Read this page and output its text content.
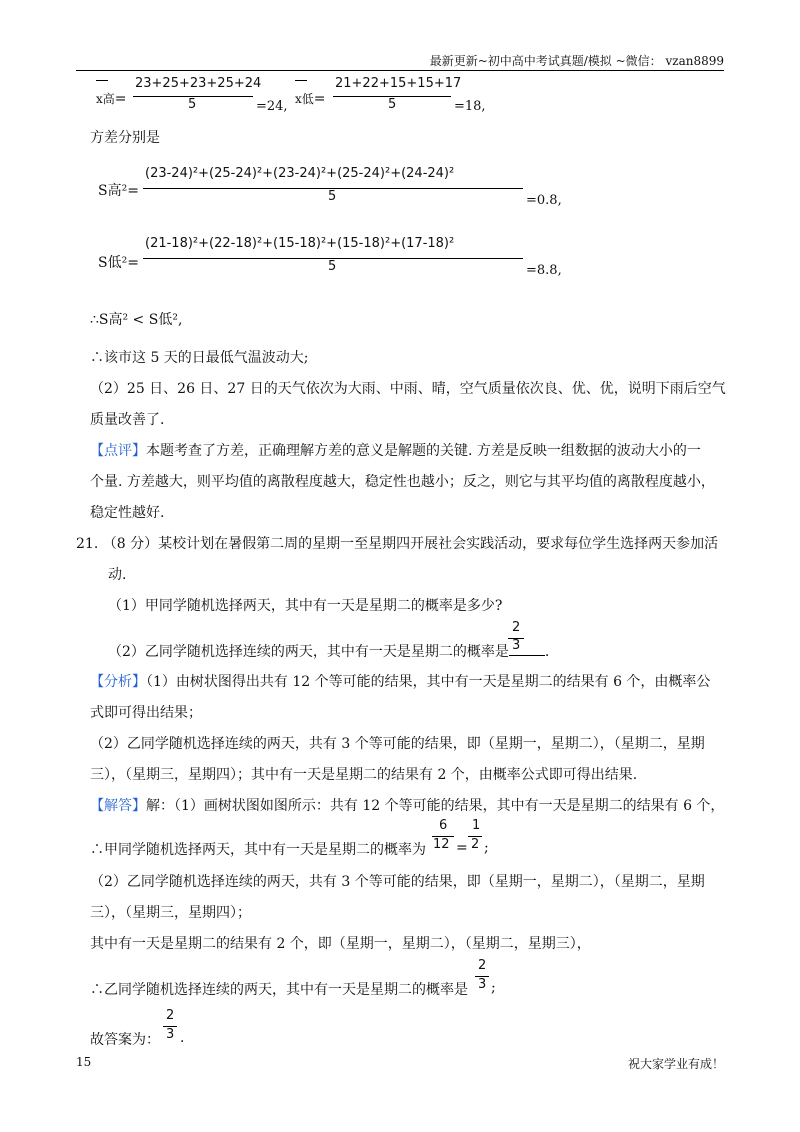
最新更新~初中高中考试真题/模拟 ~微信： vzan8899
x高=
23+25+23+25+24
5	=24, x低=
21+22+15+15+17
5	=18,
方差分别是
S高²=
(23-24)²+(25-24)²+(23-24)²+(25-24)²+(24-24)²
5	=0.8,
S低²=
(21-18)²+(22-18)²+(15-18)²+(15-18)²+(17-18)²
5	=8.8,
∴S高² < S低²,
∴该市这 5 天的日最低气温波动大;
（2）25 日、26 日、27 日的天气依次为大雨、中雨、晴，空气质量依次良、优、优，说明下雨后空气
质量改善了.
【点评】本题考查了方差，正确理解方差的意义是解题的关键. 方差是反映一组数据的波动大小的一
个量. 方差越大，则平均值的离散程度越大，稳定性也越小；反之，则它与其平均值的离散程度越小，
稳定性越好.
21. （8 分）某校计划在暑假第二周的星期一至星期四开展社会实践活动，要求每位学生选择两天参加活
动.
（1）甲同学随机选择两天，其中有一天是星期二的概率是多少?
（2）乙同学随机选择连续的两天，其中有一天是星期二的概率是	.
2
3
【分析】（1）由树状图得出共有 12 个等可能的结果，其中有一天是星期二的结果有 6 个，由概率公
式即可得出结果；
（2）乙同学随机选择连续的两天，共有 3 个等可能的结果，即（星期一，星期二），（星期二，星期
三），（星期三，星期四）；其中有一天是星期二的结果有 2 个，由概率公式即可得出结果.
【解答】解：（1）画树状图如图所示：共有 12 个等可能的结果，其中有一天是星期二的结果有 6 个，
∴甲同学随机选择两天，其中有一天是星期二的概率为
6
12 =
1
2 ;
（2）乙同学随机选择连续的两天，共有 3 个等可能的结果，即（星期一，星期二），（星期二，星期
三），（星期三，星期四）；
其中有一天是星期二的结果有 2 个，即（星期一，星期二），（星期二，星期三），
∴乙同学随机选择连续的两天，其中有一天是星期二的概率是
2
3 ;
故答案为：
2
3 .
15	祝大家学业有成！
